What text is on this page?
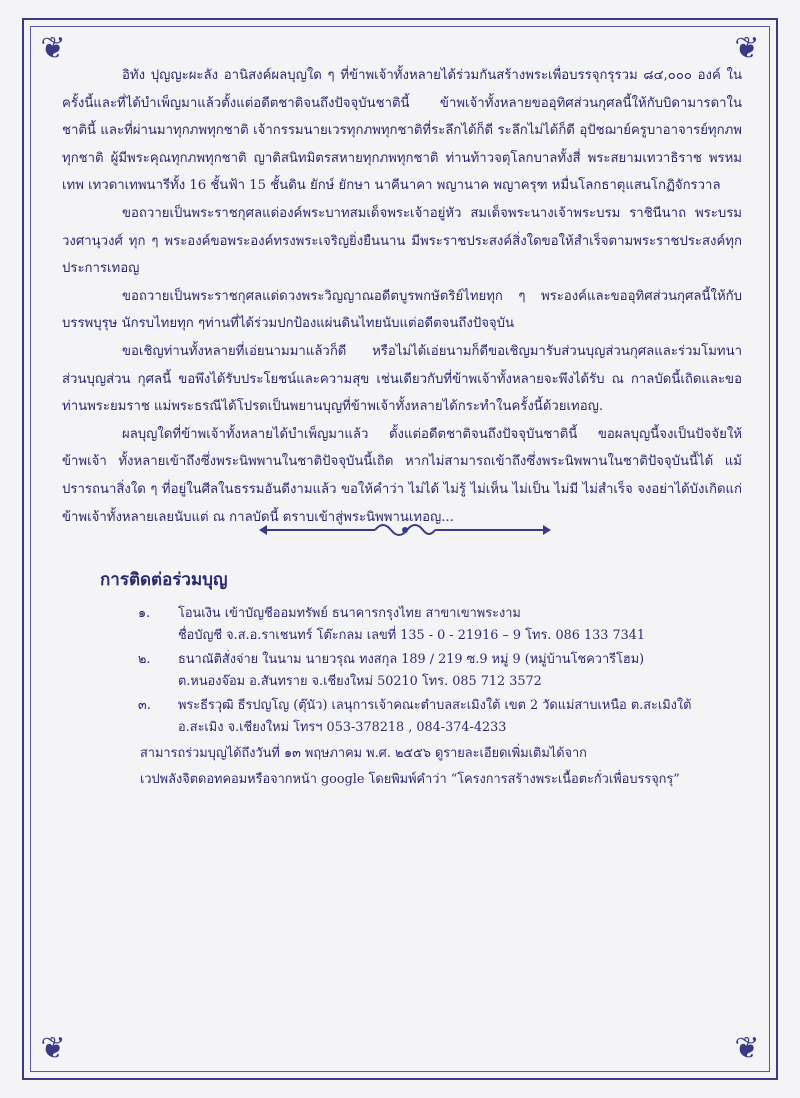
❦	❦
❦	❦

อิทัง ปุญญะผะลัง อานิสงค์ผลบุญใด ๆ ที่ข้าพเจ้าทั้งหลายได้ร่วมกันสร้างพระเพื่อบรรจุกรุรวม ๘๔,๐๐๐ องค์ ในครั้งนี้และที่ได้บำเพ็ญมาแล้วตั้งแต่อดีตชาติจนถึงปัจจุบันชาตินี้ ข้าพเจ้าทั้งหลายขออุทิศส่วนกุศลนี้ให้กับบิดามารดาใน ชาตินี้ และที่ผ่านมาทุกภพทุกชาติ เจ้ากรรมนายเวรทุกภพทุกชาติที่ระลึกได้ก็ดี ระลึกไม่ได้ก็ดี อุปัชฌาย์ครูบาอาจารย์ทุกภพ ทุกชาติ ผู้มีพระคุณทุกภพทุกชาติ ญาติสนิทมิตรสหายทุกภพทุกชาติ ท่านท้าวจตุโลกบาลทั้งสี่ พระสยามเทวาธิราช พรหมเทพ เทวดาเทพนารีทั้ง 16 ชั้นฟ้า 15 ชั้นดิน ยักษ์ ยักษา นาคีนาคา พญานาค พญาครุฑ หมื่นโลกธาตุแสนโกฏิจักรวาล

ขอถวายเป็นพระราชกุศลแด่องค์พระบาทสมเด็จพระเจ้าอยู่หัว สมเด็จพระนางเจ้าพระบรม ราชินีนาถ พระบรมวงศานุวงศ์ ทุก ๆ พระองค์ขอพระองค์ทรงพระเจริญยิ่งยืนนาน มีพระราชประสงค์สิ่งใดขอให้สำเร็จตามพระราชประสงค์ทุกประการเทอญ

ขอถวายเป็นพระราชกุศลแด่ดวงพระวิญญาณอดีตบูรพกษัตริย์ไทยทุก ๆ พระองค์และขออุทิศส่วนกุศลนี้ให้กับบรรพบุรุษ นักรบไทยทุก ๆท่านที่ได้ร่วมปกป้องแผ่นดินไทยนับแต่อดีตจนถึงปัจจุบัน

ขอเชิญท่านทั้งหลายที่เอ่ยนามมาแล้วก็ดี หรือไม่ได้เอ่ยนามก็ดีขอเชิญมารับส่วนบุญส่วนกุศลและร่วมโมทนาส่วนบุญส่วน กุศลนี้ ขอพึงได้รับประโยชน์และความสุข เช่นเดียวกับที่ข้าพเจ้าทั้งหลายจะพึงได้รับ ณ กาลบัดนี้เถิดและขอท่านพระยมราช แม่พระธรณีได้โปรดเป็นพยานบุญที่ข้าพเจ้าทั้งหลายได้กระทำในครั้งนี้ด้วยเทอญ.

ผลบุญใดที่ข้าพเจ้าทั้งหลายได้บำเพ็ญมาแล้ว ตั้งแต่อดีตชาติจนถึงปัจจุบันชาตินี้ ขอผลบุญนี้จงเป็นปัจจัยให้ข้าพเจ้า ทั้งหลายเข้าถึงซึ่งพระนิพพานในชาติปัจจุบันนี้เถิด หากไม่สามารถเข้าถึงซึ่งพระนิพพานในชาติปัจจุบันนี้ได้ แม้ปรารถนาสิ่งใด ๆ ที่อยู่ในศีลในธรรมอันดีงามแล้ว ขอให้คำว่า ไม่ได้ ไม่รู้ ไม่เห็น ไม่เป็น ไม่มี ไม่สำเร็จ จงอย่าได้บังเกิดแก่ข้าพเจ้าทั้งหลายเลยนับแต่ ณ กาลบัดนี้ ตราบเข้าสู่พระนิพพานเทอญ...

การติดต่อร่วมบุญ

๑.	โอนเงิน เข้าบัญชีออมทรัพย์ ธนาคารกรุงไทย สาขาเขาพระงาม
ชื่อบัญชี จ.ส.อ.ราเชนทร์ โต๊ะกลม เลขที่ 135 - 0 - 21916 – 9 โทร. 086 133 7341
๒.	ธนาณัติสั่งจ่าย ในนาม นายวรุณ ทงสกุล 189 / 219 ซ.9 หมู่ 9 (หมู่บ้านโชควารีโฮม)
ต.หนองจ๊อม อ.สันทราย จ.เชียงใหม่ 50210 โทร. 085 712 3572
๓.	พระธีรวุฒิ ธีรปญโญ (ตุ๊นัว) เลนุการเจ้าคณะตำบลสะเมิงใต้ เขต 2 วัดแม่สาบเหนือ ต.สะเมิงใต้
อ.สะเมิง จ.เชียงใหม่ โทรฯ 053-378218 , 084-374-4233
สามารถร่วมบุญได้ถึงวันที่ ๑๓ พฤษภาคม พ.ศ. ๒๕๕๖ ดูรายละเอียดเพิ่มเติมได้จาก
เวปพลังจิตดอทคอมหรือจากหน้า google โดยพิมพ์คำว่า “โครงการสร้างพระเนื้อตะกั่วเพื่อบรรจุกรุ”
